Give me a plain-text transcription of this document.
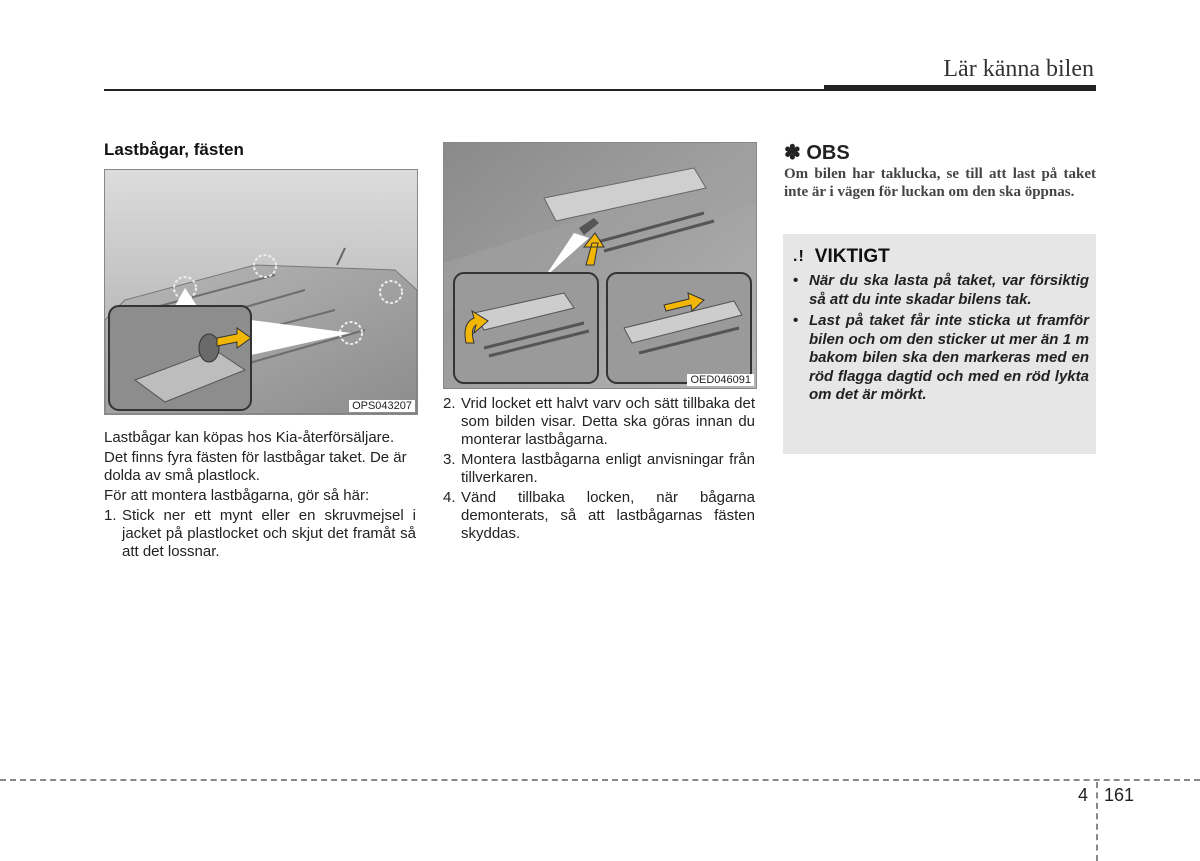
Lär känna bilen
Lastbågar, fästen
OPS043207
Lastbågar kan köpas hos Kia-återförsäljare.
Det finns fyra fästen för lastbågar taket. De är dolda av små plastlock.
För att montera lastbågarna, gör så här:
1. Stick ner ett mynt eller en skruvmejsel i jacket på plastlocket och skjut det framåt så att det lossnar.
OED046091
2. Vrid locket ett halvt varv och sätt tillbaka det som bilden visar. Detta ska göras innan du monterar lastbågarna.
3. Montera lastbågarna enligt anvisningar från tillverkaren.
4. Vänd tillbaka locken, när bågarna demonterats, så att lastbågarnas fästen skyddas.
✽ OBS
Om bilen har taklucka, se till att last på taket inte är i vägen för luckan om den ska öppnas.
.! VIKTIGT
• När du ska lasta på taket, var försiktig så att du inte skadar bilens tak.
• Last på taket får inte sticka ut framför bilen och om den sticker ut mer än 1 m bakom bilen ska den markeras med en röd flagga dagtid och med en röd lykta om det är mörkt.
4 161
